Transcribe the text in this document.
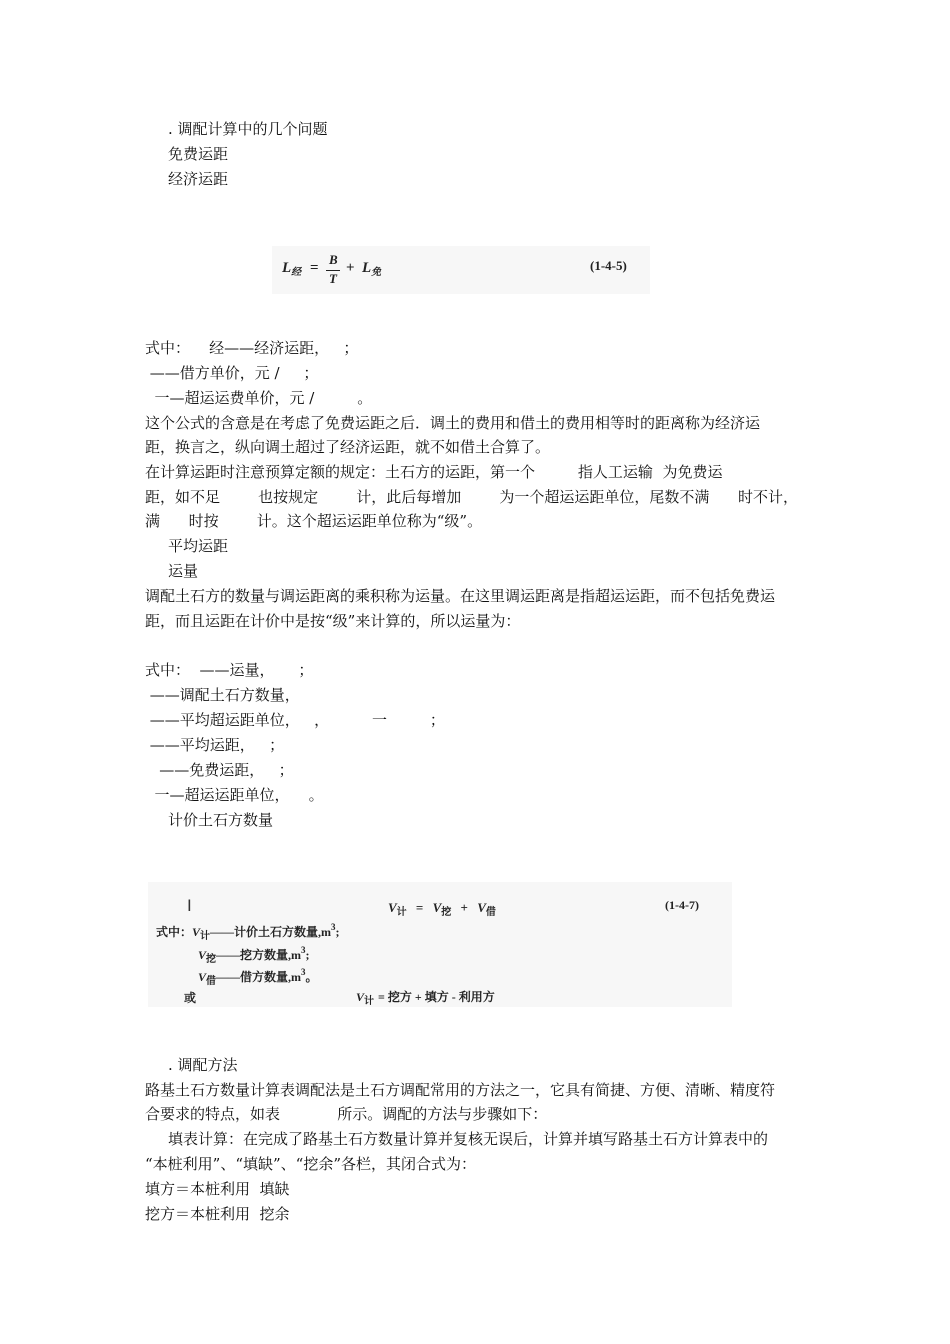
. 调配计算中的几个问题
免费运距
经济运距
$L_经$ =
B
T
+ $L_免$	(1-4-5)
式中：    经——经济运距，   ；
——借方单价，元 /     ；
一—超运运费单价，元 /         。
这个公式的含意是在考虑了免费运距之后．调土的费用和借土的费用相等时的距离称为经济运
距，换言之，纵向调土超过了经济运距，就不如借土合算了。
在计算运距时注意预算定额的规定：土石方的运距，第一个         指人工运输  为免费运
距，如不足        也按规定        计，此后每增加        为一个超运运距单位，尾数不满      时不计，
满      时按        计。这个超运运距单位称为“级”。
平均运距
运量
调配土石方的数量与调运距离的乘积称为运量。在这里调运距离是指超运运距，而不包括免费运
距，而且运距在计价中是按“级”来计算的，所以运量为：
式中：  ——运量，     ；
——调配土石方数量，
——平均超运距单位，   ，         一         ；
——平均运距，   ；
——免费运距，   ；
一—超运运距单位，    。
计价土石方数量
I	$V_计 = V_挖 + V_借$
(1-4-7)
式中：$V_计——$计价土石方数量$,m^3$;
$V_挖——$挖方数量$,m^3$;
$V_借——$借方数量$,m^3$。
或	$V_计$ = 挖方 + 填方 - 利用方
. 调配方法
路基土石方数量计算表调配法是土石方调配常用的方法之一，它具有简捷、方便、清晰、精度符
合要求的特点，如表            所示。调配的方法与步骤如下：
填表计算：在完成了路基土石方数量计算并复核无误后，计算并填写路基土石方计算表中的
“本桩利用”、“填缺”、“挖余”各栏，其闭合式为：
填方＝本桩利用  填缺
挖方＝本桩利用  挖余
